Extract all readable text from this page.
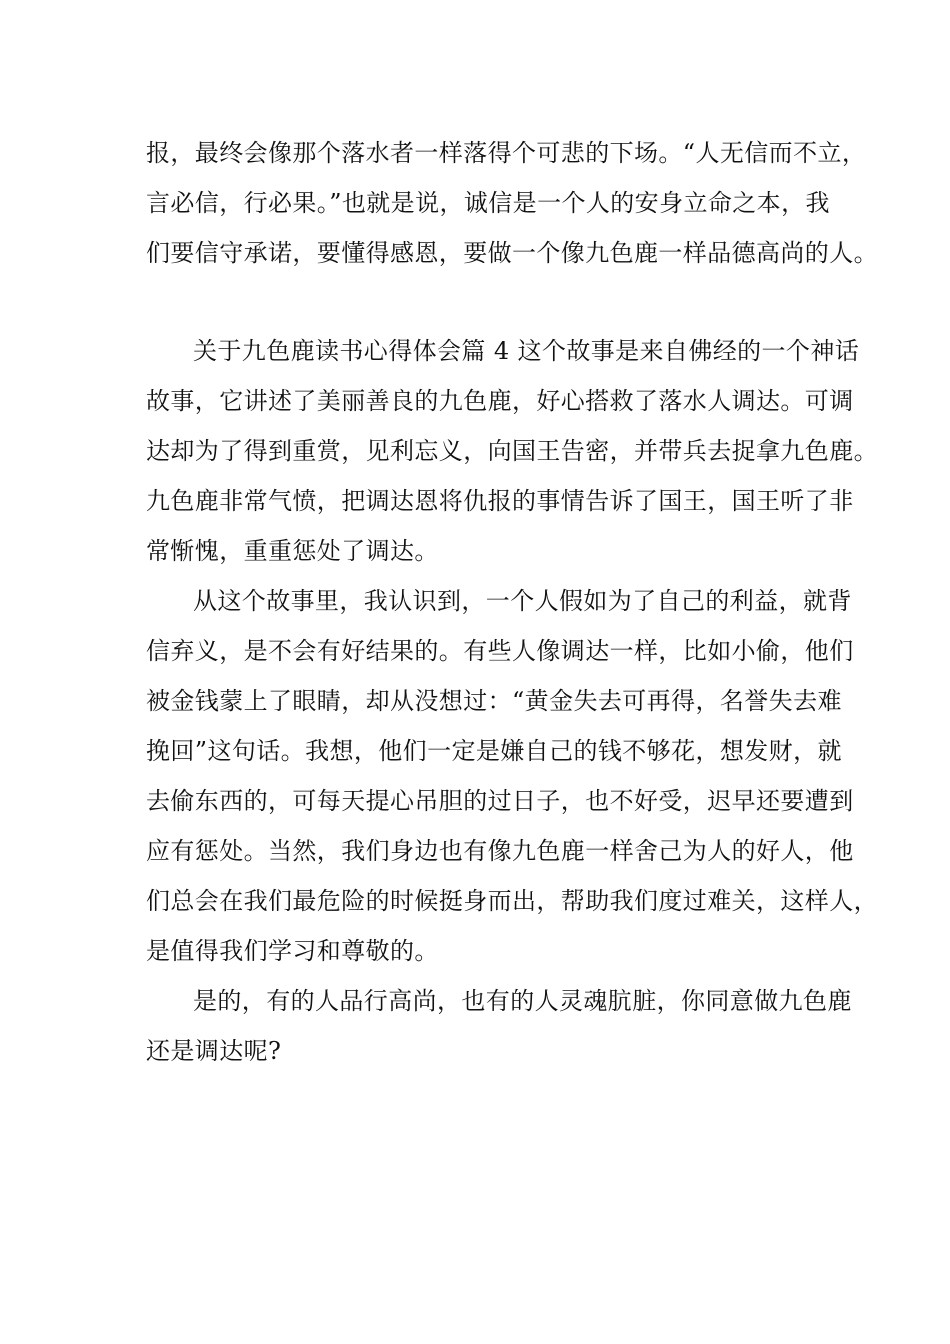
报，最终会像那个落水者一样落得个可悲的下场。“人无信而不立，
言必信，行必果。”也就是说，诚信是一个人的安身立命之本，我
们要信守承诺，要懂得感恩，要做一个像九色鹿一样品德高尚的人。
关于九色鹿读书心得体会篇 4 这个故事是来自佛经的一个神话
故事，它讲述了美丽善良的九色鹿，好心搭救了落水人调达。可调
达却为了得到重赏，见利忘义，向国王告密，并带兵去捉拿九色鹿。
九色鹿非常气愤，把调达恩将仇报的事情告诉了国王，国王听了非
常惭愧，重重惩处了调达。
从这个故事里，我认识到，一个人假如为了自己的利益，就背
信弃义，是不会有好结果的。有些人像调达一样，比如小偷，他们
被金钱蒙上了眼睛，却从没想过：“黄金失去可再得，名誉失去难
挽回”这句话。我想，他们一定是嫌自己的钱不够花，想发财，就
去偷东西的，可每天提心吊胆的过日子，也不好受，迟早还要遭到
应有惩处。当然，我们身边也有像九色鹿一样舍己为人的好人，他
们总会在我们最危险的时候挺身而出，帮助我们度过难关，这样人，
是值得我们学习和尊敬的。
是的，有的人品行高尚，也有的人灵魂肮脏，你同意做九色鹿
还是调达呢?
